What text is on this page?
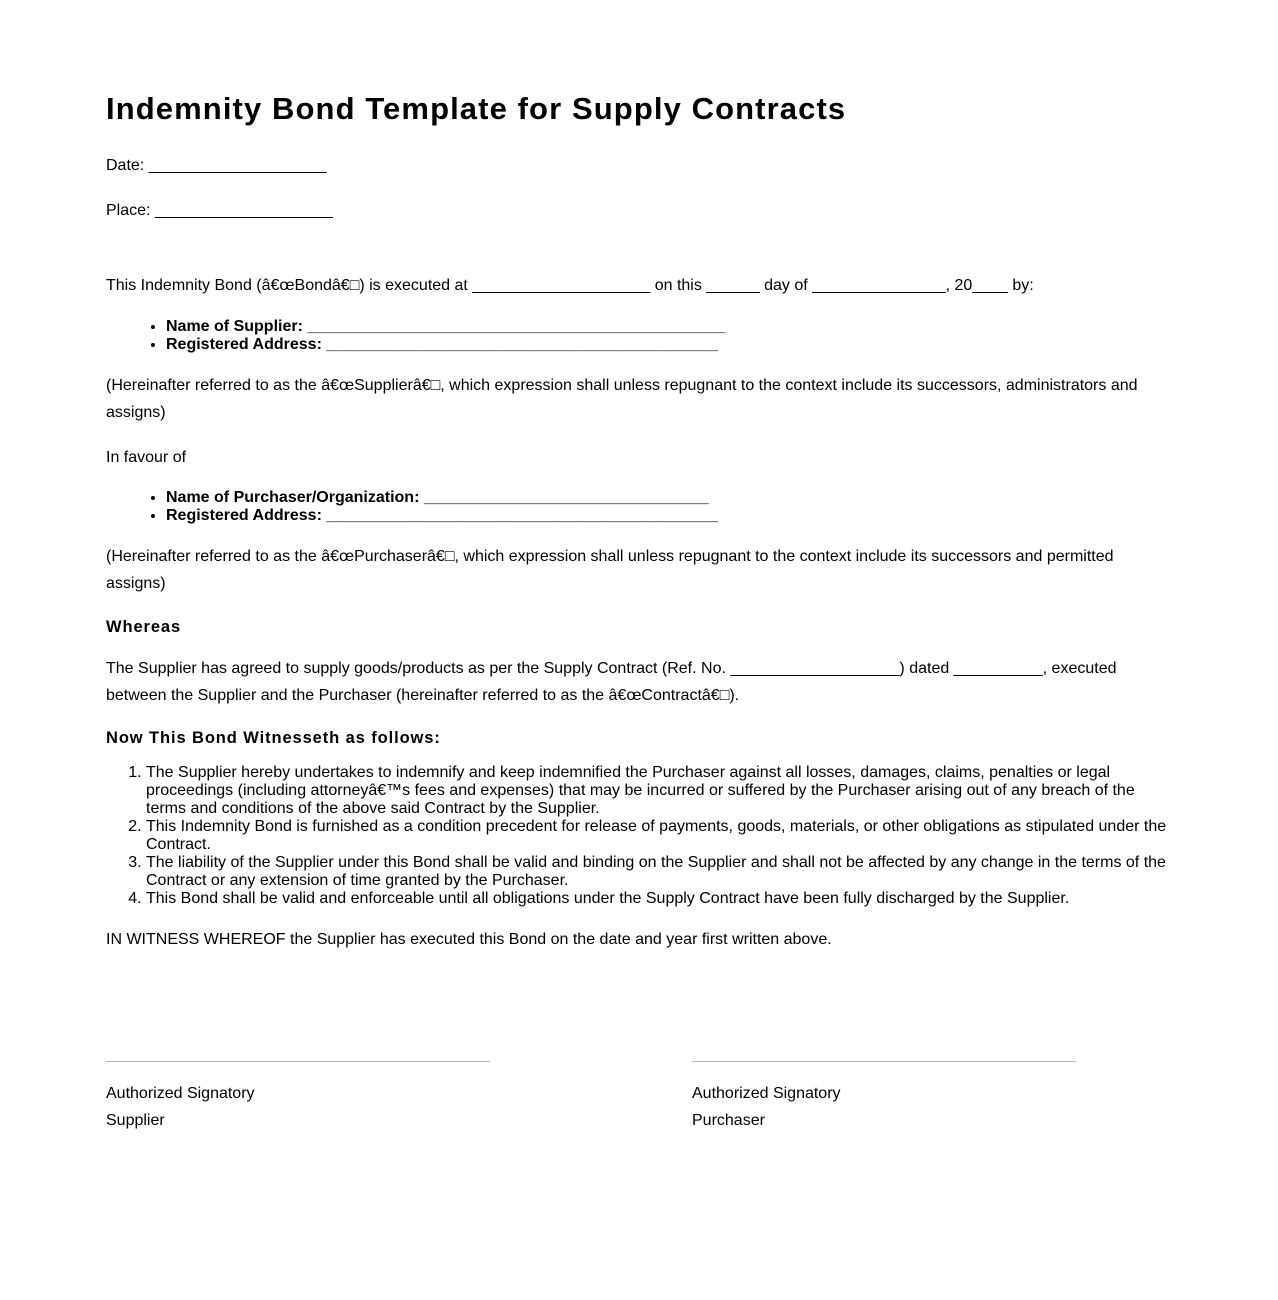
Indemnity Bond Template for Supply Contracts

Date: ____________________

Place: ____________________

This Indemnity Bond (â€œBondâ€□) is executed at ____________________ on this ______ day of _______________, 20____ by:

• Name of Supplier: _______________________________________________
• Registered Address: ____________________________________________

(Hereinafter referred to as the â€œSupplierâ€□, which expression shall unless repugnant to the context include its successors, administrators and assigns)

In favour of

• Name of Purchaser/Organization: ________________________________
• Registered Address: ____________________________________________

(Hereinafter referred to as the â€œPurchaserâ€□, which expression shall unless repugnant to the context include its successors and permitted assigns)

Whereas

The Supplier has agreed to supply goods/products as per the Supply Contract (Ref. No. ___________________) dated __________, executed between the Supplier and the Purchaser (hereinafter referred to as the â€œContractâ€□).

Now This Bond Witnesseth as follows:
1. The Supplier hereby undertakes to indemnify and keep indemnified the Purchaser against all losses, damages, claims, penalties or legal proceedings (including attorneyâ€™s fees and expenses) that may be incurred or suffered by the Purchaser arising out of any breach of the terms and conditions of the above said Contract by the Supplier.
2. This Indemnity Bond is furnished as a condition precedent for release of payments, goods, materials, or other obligations as stipulated under the Contract.
3. The liability of the Supplier under this Bond shall be valid and binding on the Supplier and shall not be affected by any change in the terms of the Contract or any extension of time granted by the Purchaser.
4. This Bond shall be valid and enforceable until all obligations under the Supply Contract have been fully discharged by the Supplier.

IN WITNESS WHEREOF the Supplier has executed this Bond on the date and year first written above.

Authorized Signatory
Supplier
Authorized Signatory
Purchaser
